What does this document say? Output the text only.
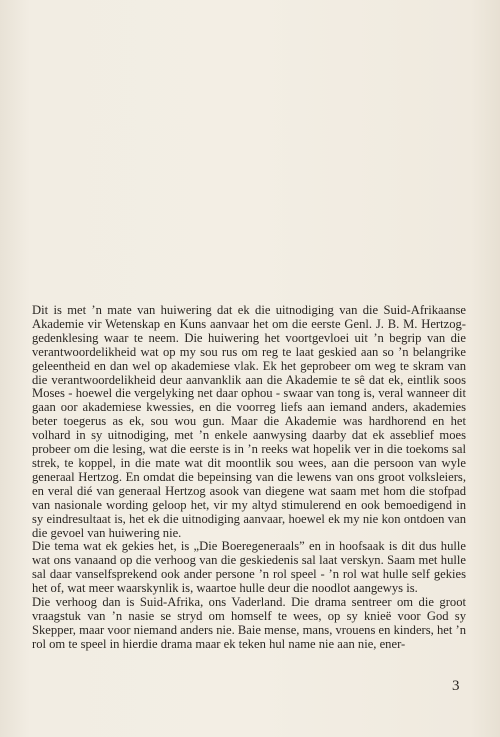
Dit is met ’n mate van huiwering dat ek die uitnodiging van die Suid-Afrikaanse Akademie vir Wetenskap en Kuns aanvaar het om die eerste Genl. J. B. M. Hertzog-gedenklesing waar te neem. Die huiwering het voortgevloei uit ’n begrip van die verantwoordelikheid wat op my sou rus om reg te laat geskied aan so ’n belangrike geleentheid en dan wel op akademiese vlak. Ek het geprobeer om weg te skram van die verantwoordelikheid deur aanvanklik aan die Akademie te sê dat ek, eintlik soos Moses - hoewel die vergelyking net daar ophou - swaar van tong is, veral wanneer dit gaan oor akademiese kwessies, en die voorreg liefs aan iemand anders, akademies beter toegerus as ek, sou wou gun. Maar die Akademie was hardhorend en het volhard in sy uitnodiging, met ’n enkele aanwysing daarby dat ek asseblief moes probeer om die lesing, wat die eerste is in ’n reeks wat hopelik ver in die toekoms sal strek, te koppel, in die mate wat dit moontlik sou wees, aan die persoon van wyle generaal Hertzog. En omdat die bepeinsing van die lewens van ons groot volksleiers, en veral dié van generaal Hertzog asook van diegene wat saam met hom die stofpad van nasionale wording geloop het, vir my altyd stimulerend en ook bemoedigend in sy eindresultaat is, het ek die uitnodiging aanvaar, hoewel ek my nie kon ontdoen van die gevoel van huiwering nie.

Die tema wat ek gekies het, is „Die Boeregeneraals” en in hoofsaak is dit dus hulle wat ons vanaand op die verhoog van die geskiedenis sal laat verskyn. Saam met hulle sal daar vanselfsprekend ook ander persone ’n rol speel - ’n rol wat hulle self gekies het of, wat meer waarskynlik is, waartoe hulle deur die noodlot aangewys is.

Die verhoog dan is Suid-Afrika, ons Vaderland. Die drama sentreer om die groot vraagstuk van ’n nasie se stryd om homself te wees, op sy knieë voor God sy Skepper, maar voor niemand anders nie. Baie mense, mans, vrouens en kinders, het ’n rol om te speel in hierdie drama maar ek teken hul name nie aan nie, ener-

3
